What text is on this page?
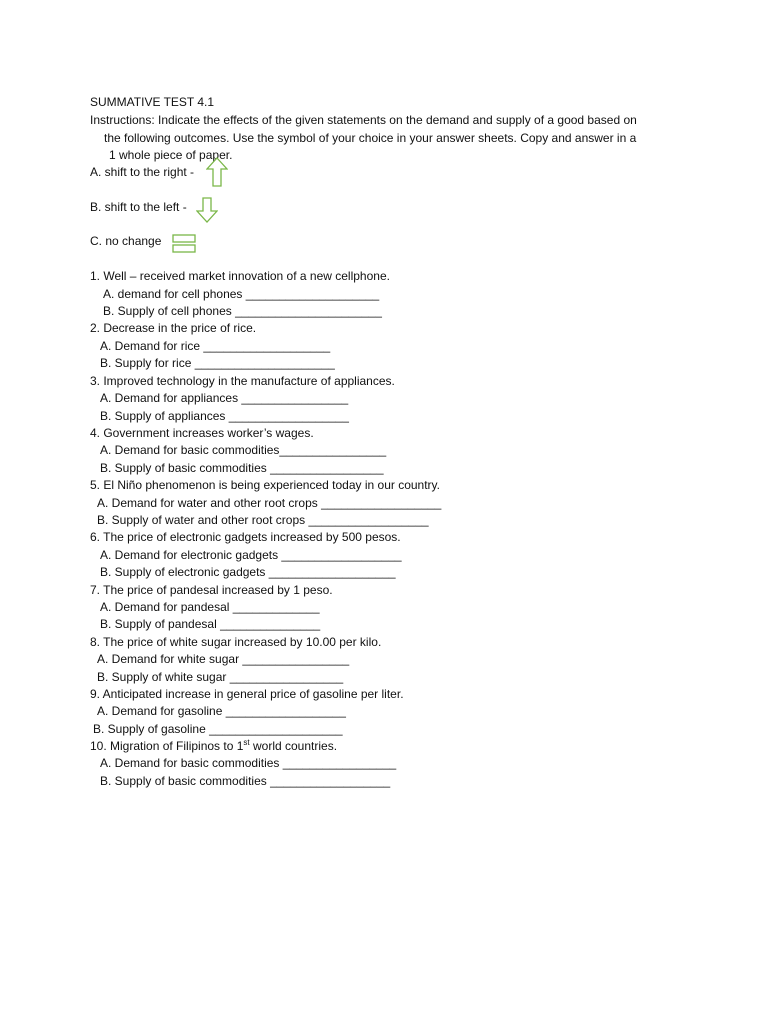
SUMMATIVE TEST 4.1
Instructions: Indicate the effects of the given statements on the demand and supply of a good based on
the following outcomes. Use the symbol of your choice in your answer sheets. Copy and answer in a
1 whole piece of paper.
A. shift to the right -
B. shift to the left -
C. no change
1. Well – received market innovation of a new cellphone.
A. demand for cell phones ____________________
B. Supply of cell phones ______________________
2. Decrease in the price of rice.
A. Demand for rice ___________________
B. Supply for rice _____________________
3. Improved technology in the manufacture of appliances.
A. Demand for appliances ________________
B. Supply of appliances __________________
4. Government increases worker’s wages.
A. Demand for basic commodities________________
B. Supply of basic commodities _________________
5. El Niño phenomenon is being experienced today in our country.
A. Demand for water and other root crops __________________
B. Supply of water and other root crops __________________
6. The price of electronic gadgets increased by 500 pesos.
A. Demand for electronic gadgets __________________
B. Supply of electronic gadgets ___________________
7. The price of pandesal increased by 1 peso.
A. Demand for pandesal _____________
B. Supply of pandesal _______________
8. The price of white sugar increased by 10.00 per kilo.
A. Demand for white sugar ________________
B. Supply of white sugar _________________
9. Anticipated increase in general price of gasoline per liter.
A. Demand for gasoline __________________
B. Supply of gasoline ____________________
10. Migration of Filipinos to 1st world countries.
A. Demand for basic commodities _________________
B. Supply of basic commodities __________________
